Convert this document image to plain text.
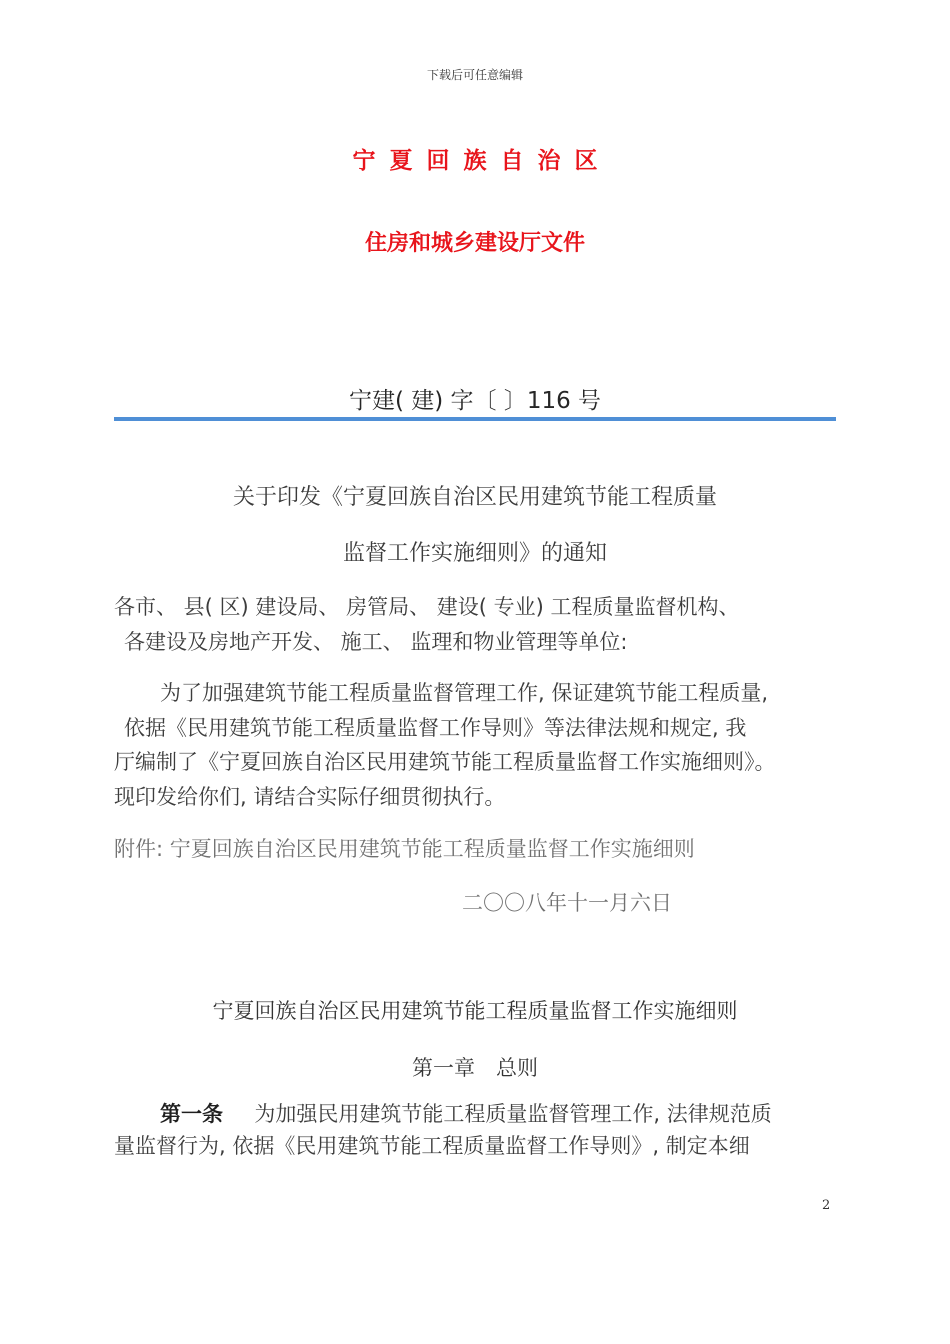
下载后可任意编辑
宁夏回族自治区
住房和城乡建设厅文件
宁建( 建) 字〔 〕116 号
关于印发《宁夏回族自治区民用建筑节能工程质量
监督工作实施细则》的通知
各市、 县( 区) 建设局、 房管局、 建设( 专业) 工程质量监督机构、
各建设及房地产开发、 施工、 监理和物业管理等单位:
为了加强建筑节能工程质量监督管理工作, 保证建筑节能工程质量,
依据《民用建筑节能工程质量监督工作导则》等法律法规和规定, 我
厅编制了《宁夏回族自治区民用建筑节能工程质量监督工作实施细则》。
现印发给你们, 请结合实际仔细贯彻执行。
附件: 宁夏回族自治区民用建筑节能工程质量监督工作实施细则
二〇〇八年十一月六日
宁夏回族自治区民用建筑节能工程质量监督工作实施细则
第一章　总则
第一条 为加强民用建筑节能工程质量监督管理工作, 法律规范质
量监督行为, 依据《民用建筑节能工程质量监督工作导则》, 制定本细
2
